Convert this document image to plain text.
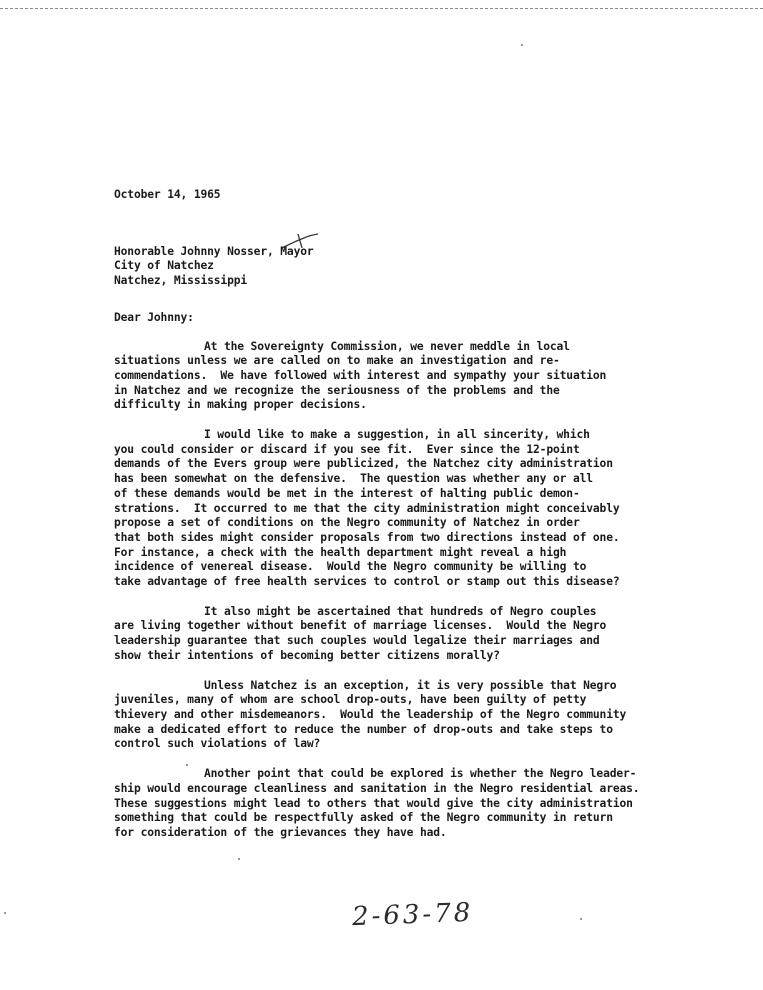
October 14, 1965
Honorable Johnny Nosser, Mayor
City of Natchez
Natchez, Mississippi
Dear Johnny:
At the Sovereignty Commission, we never meddle in local
situations unless we are called on to make an investigation and re-
commendations.  We have followed with interest and sympathy your situation
in Natchez and we recognize the seriousness of the problems and the
difficulty in making proper decisions.
I would like to make a suggestion, in all sincerity, which
you could consider or discard if you see fit.  Ever since the 12-point
demands of the Evers group were publicized, the Natchez city administration
has been somewhat on the defensive.  The question was whether any or all
of these demands would be met in the interest of halting public demon-
strations.  It occurred to me that the city administration might conceivably
propose a set of conditions on the Negro community of Natchez in order
that both sides might consider proposals from two directions instead of one.
For instance, a check with the health department might reveal a high
incidence of venereal disease.  Would the Negro community be willing to
take advantage of free health services to control or stamp out this disease?
It also might be ascertained that hundreds of Negro couples
are living together without benefit of marriage licenses.  Would the Negro
leadership guarantee that such couples would legalize their marriages and
show their intentions of becoming better citizens morally?
Unless Natchez is an exception, it is very possible that Negro
juveniles, many of whom are school drop-outs, have been guilty of petty
thievery and other misdemeanors.  Would the leadership of the Negro community
make a dedicated effort to reduce the number of drop-outs and take steps to
control such violations of law?
Another point that could be explored is whether the Negro leader-
ship would encourage cleanliness and sanitation in the Negro residential areas.
These suggestions might lead to others that would give the city administration
something that could be respectfully asked of the Negro community in return
for consideration of the grievances they have had.
2-63-78
